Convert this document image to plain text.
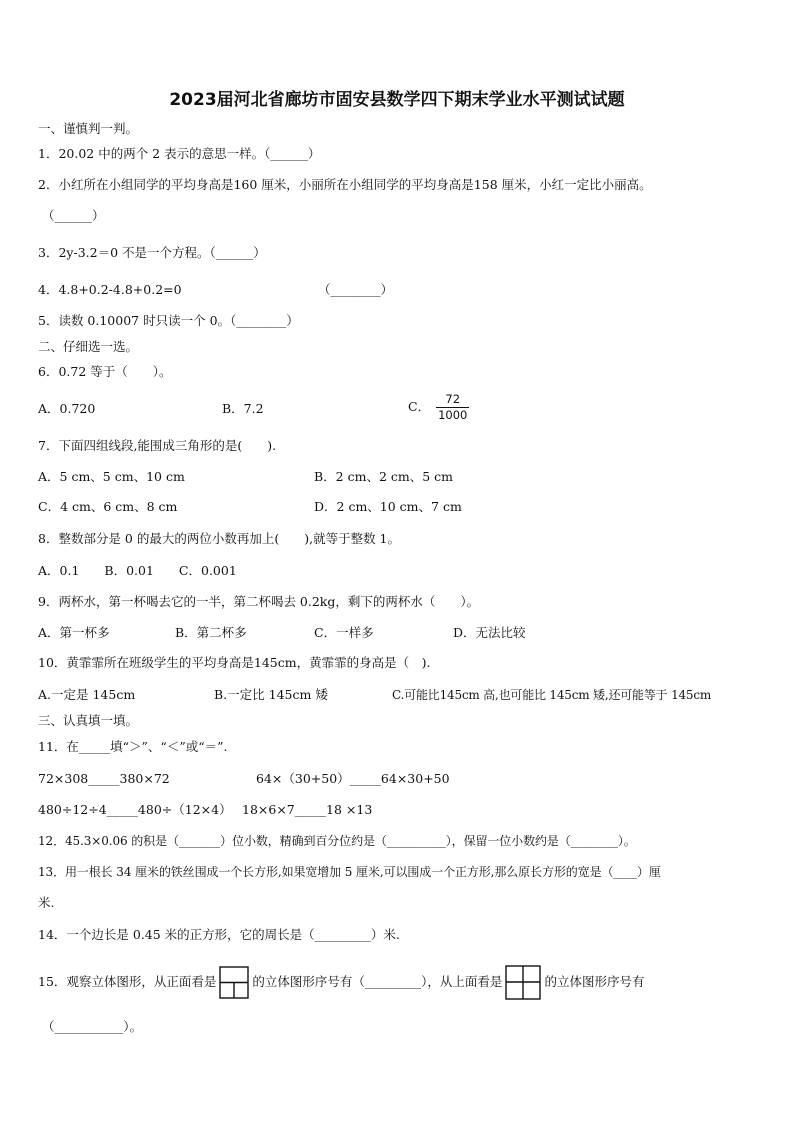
2023届河北省廊坊市固安县数学四下期末学业水平测试试题
一、谨慎判一判。
1．20.02 中的两个 2 表示的意思一样。（______）
2．小红所在小组同学的平均身高是160 厘米，小丽所在小组同学的平均身高是158 厘米，小红一定比小丽高。
（______）
3．2y-3.2＝0 不是一个方程。（______）
4．4.8+0.2-4.8+0.2=0	（________）
5．读数 0.10007 时只读一个 0。（________）
二、仔细选一选。
6．0.72 等于（　　）。
A．0.720	B．7.2	C． $\frac{72}{1000}$
7．下面四组线段,能围成三角形的是(　　).
A．5 cm、5 cm、10 cm	B．2 cm、2 cm、5 cm
C．4 cm、6 cm、8 cm	D．2 cm、10 cm、7 cm
8．整数部分是 0 的最大的两位小数再加上(　　),就等于整数 1。
A．0.1　　B．0.01　　C．0.001
9．两杯水，第一杯喝去它的一半，第二杯喝去 0.2kg，剩下的两杯水（　　）。
A．第一杯多	B．第二杯多	C．一样多	D．无法比较
10．黄霏霏所在班级学生的平均身高是145cm，黄霏霏的身高是（　).
A.一定是 145cm	B.一定比 145cm 矮	C.可能比145cm 高,也可能比 145cm 矮,还可能等于 145cm
三、认真填一填。
11．在_____填“＞”、“＜”或“＝”.
72×308_____380×72	64×（30+50）_____64×30+50
480÷12÷4_____480÷（12×4） 18×6×7_____18 ×13
12．45.3×0.06 的积是（_______）位小数，精确到百分位约是（__________），保留一位小数约是（________）。
13．用一根长 34 厘米的铁丝围成一个长方形,如果宽增加 5 厘米,可以围成一个正方形,那么原长方形的宽是（____）厘
米.
14．一个边长是 0.45 米的正方形，它的周长是（_________）米.
15．观察立体图形，从正面看是	的立体图形序号有（_________），从上面看是	的立体图形序号有
（___________）。
